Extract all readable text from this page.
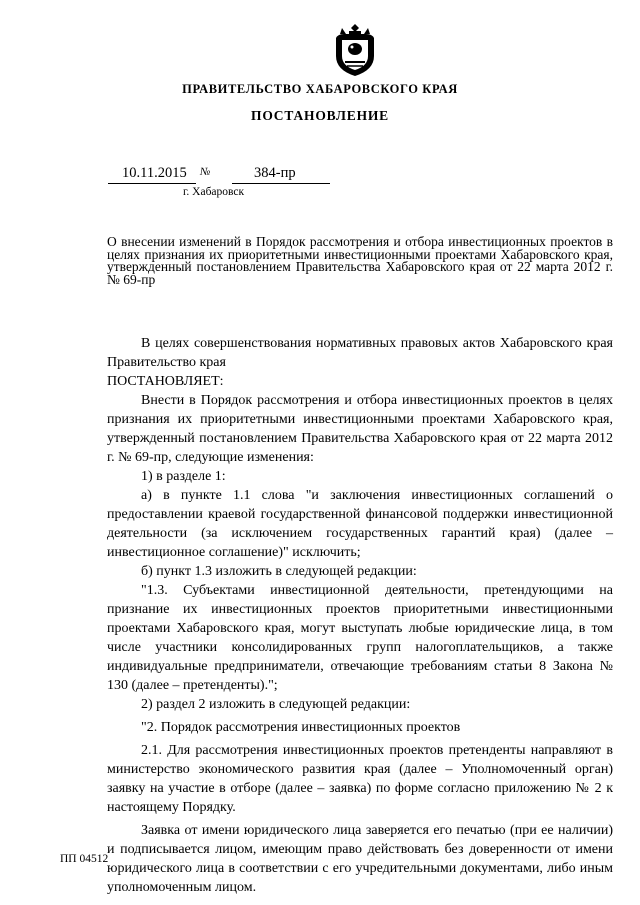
ПРАВИТЕЛЬСТВО ХАБАРОВСКОГО КРАЯ
ПОСТАНОВЛЕНИЕ
10.11.2015	№	384-пр
г. Хабаровск
О внесении изменений в Порядок рассмотрения и отбора инвестиционных проектов в целях признания их приоритетными инвестиционными проектами Хабаровского края, утвержденный постановлением Правительства Хабаровского края от 22 марта 2012 г. № 69-пр

В целях совершенствования нормативных правовых актов Хабаровского края Правительство края

ПОСТАНОВЛЯЕТ:

Внести в Порядок рассмотрения и отбора инвестиционных проектов в целях признания их приоритетными инвестиционными проектами Хабаровского края, утвержденный постановлением Правительства Хабаровского края от 22 марта 2012 г. № 69-пр, следующие изменения:

1) в разделе 1:

а) в пункте 1.1 слова "и заключения инвестиционных соглашений о предоставлении краевой государственной финансовой поддержки инвестиционной деятельности (за исключением государственных гарантий края) (далее – инвестиционное соглашение)" исключить;

б) пункт 1.3 изложить в следующей редакции:

"1.3. Субъектами инвестиционной деятельности, претендующими на признание их инвестиционных проектов приоритетными инвестиционными проектами Хабаровского края, могут выступать любые юридические лица, в том числе участники консолидированных групп налогоплательщиков, а также индивидуальные предприниматели, отвечающие требованиям статьи 8 Закона № 130 (далее – претенденты).";

2) раздел 2 изложить в следующей редакции:

"2. Порядок рассмотрения инвестиционных проектов

2.1. Для рассмотрения инвестиционных проектов претенденты направляют в министерство экономического развития края (далее – Уполномоченный орган) заявку на участие в отборе (далее – заявка) по форме согласно приложению № 2 к настоящему Порядку.

Заявка от имени юридического лица заверяется его печатью (при ее наличии) и подписывается лицом, имеющим право действовать без доверенности от имени юридического лица в соответствии с его учредительными документами, либо иным уполномоченным лицом.

ПП 04512
